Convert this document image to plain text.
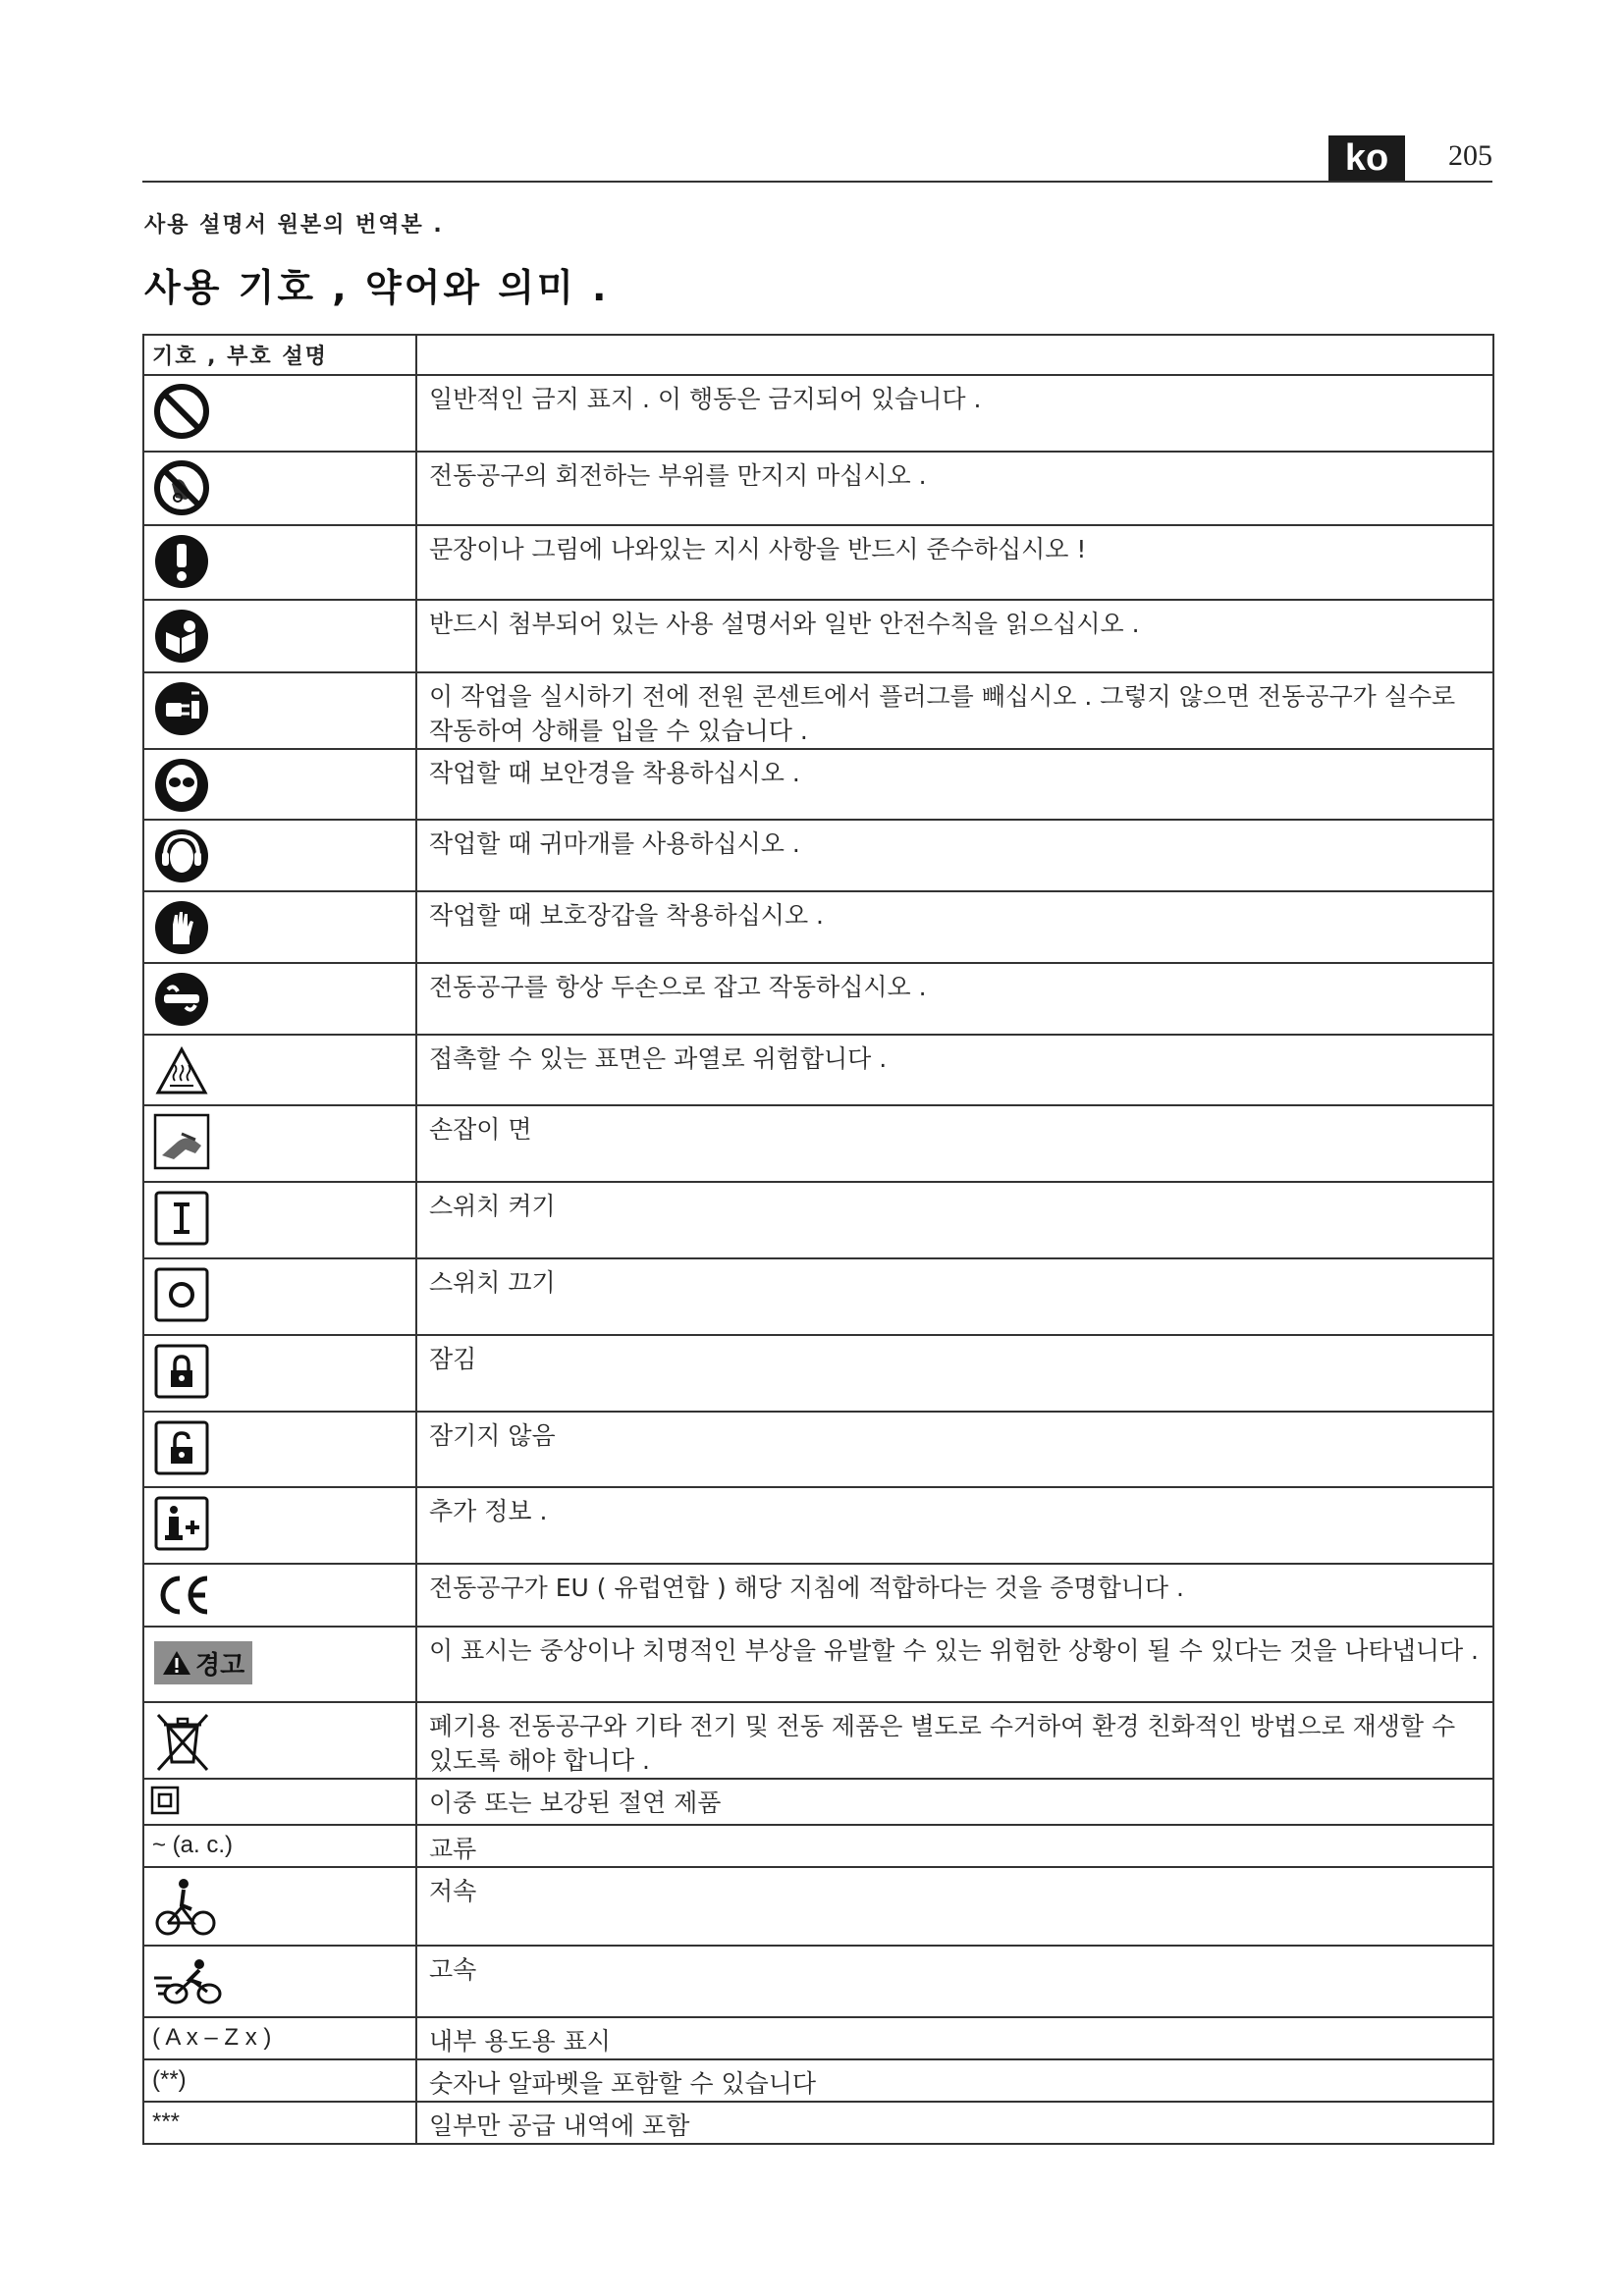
ko	205
사용 설명서 원본의 번역본 .
사용 기호 , 약어와 의미 .
기호 , 부호 설명	

	일반적인 금지 표지 . 이 행동은 금지되어 있습니다 .

	전동공구의 회전하는 부위를 만지지 마십시오 .

	문장이나 그림에 나와있는 지시 사항을 반드시 준수하십시오 !

	반드시 첨부되어 있는 사용 설명서와 일반 안전수칙을 읽으십시오 .

	이 작업을 실시하기 전에 전원 콘센트에서 플러그를 빼십시오 . 그렇지 않으면 전동공구가 실수로 작동하여 상해를 입을 수 있습니다 .

	작업할 때 보안경을 착용하십시오 .

	작업할 때 귀마개를 사용하십시오 .

	작업할 때 보호장갑을 착용하십시오 .

	전동공구를 항상 두손으로 잡고 작동하십시오 .

	접촉할 수 있는 표면은 과열로 위험합니다 .

	손잡이 면

	스위치 켜기

	스위치 끄기

	잠김

	잠기지 않음

	추가 정보 .

	전동공구가 EU ( 유럽연합 ) 해당 지침에 적합하다는 것을 증명합니다 .

경고	이 표시는 중상이나 치명적인 부상을 유발할 수 있는 위험한 상황이 될 수 있다는 것을 나타냅니다 .

	폐기용 전동공구와 기타 전기 및 전동 제품은 별도로 수거하여 환경 친화적인 방법으로 재생할 수 있도록 해야 합니다 .

	이중 또는 보강된 절연 제품

~ (a. c.)	교류

	저속

	고속

( A x – Z x )	내부 용도용 표시

(**)	숫자나 알파벳을 포함할 수 있습니다

***	일부만 공급 내역에 포함
